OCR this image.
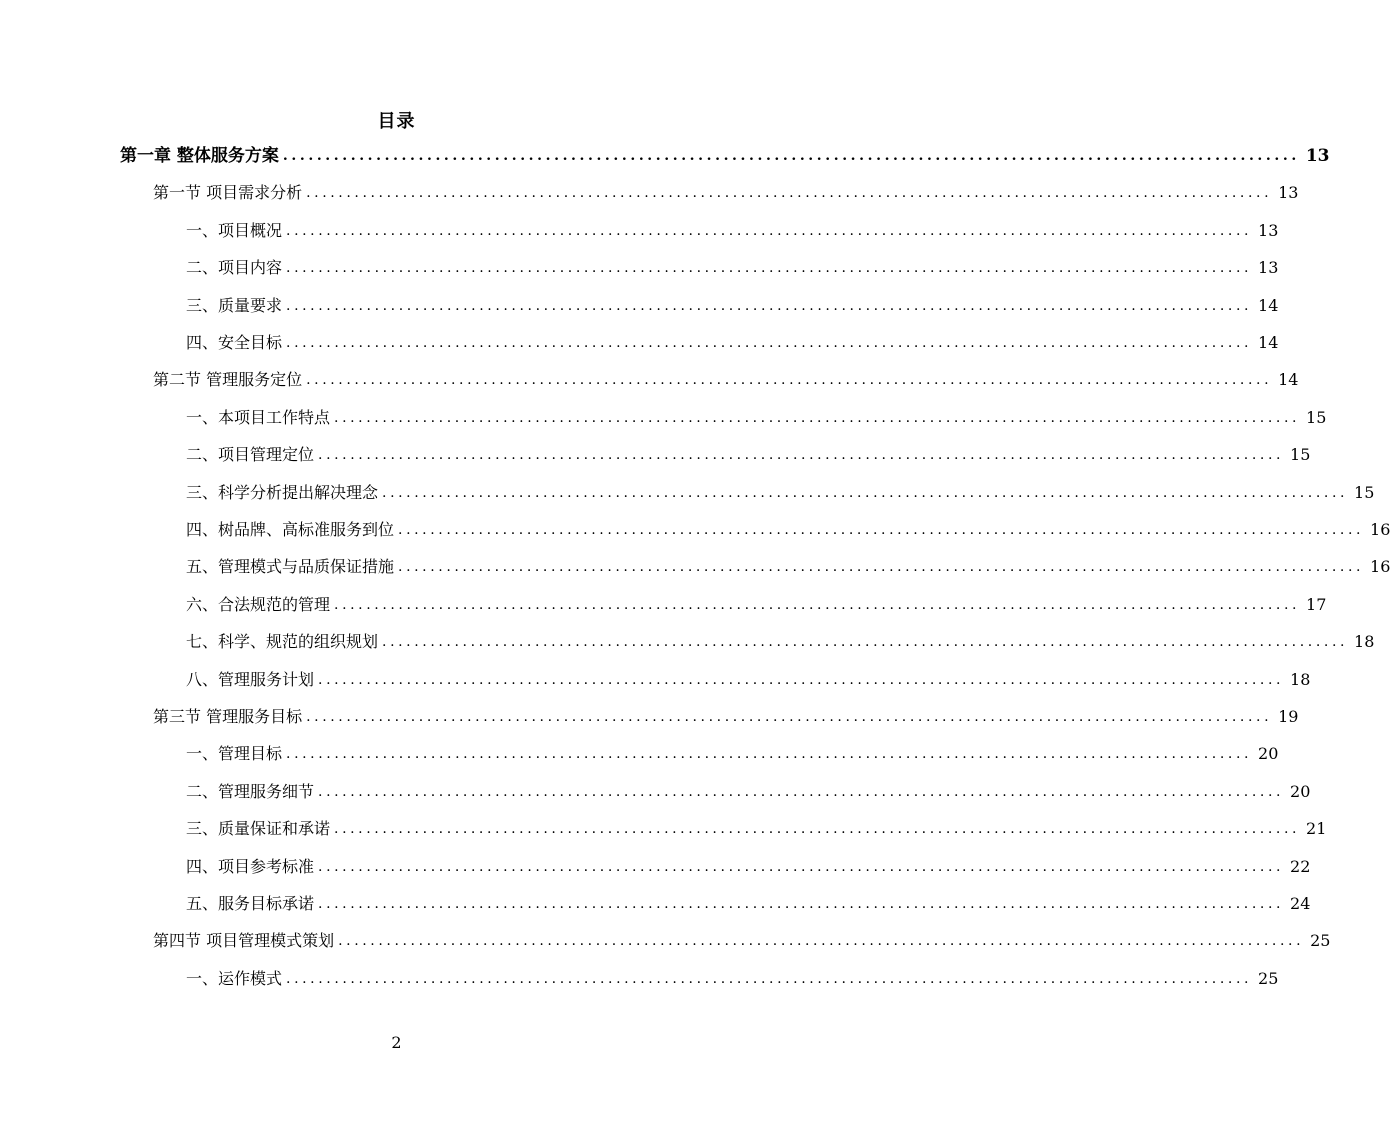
目录
第一章 整体服务方案 ........................................................................................................................ 13
第一节 项目需求分析 ........................................................................................................................ 13
一、项目概况 ........................................................................................................................ 13
二、项目内容 ........................................................................................................................ 13
三、质量要求 ........................................................................................................................ 14
四、安全目标 ........................................................................................................................ 14
第二节 管理服务定位 ........................................................................................................................ 14
一、本项目工作特点 ........................................................................................................................ 15
二、项目管理定位 ........................................................................................................................ 15
三、科学分析提出解决理念 ........................................................................................................................ 15
四、树品牌、高标准服务到位 ........................................................................................................................ 16
五、管理模式与品质保证措施 ........................................................................................................................ 16
六、合法规范的管理 ........................................................................................................................ 17
七、科学、规范的组织规划 ........................................................................................................................ 18
八、管理服务计划 ........................................................................................................................ 18
第三节 管理服务目标 ........................................................................................................................ 19
一、管理目标 ........................................................................................................................ 20
二、管理服务细节 ........................................................................................................................ 20
三、质量保证和承诺 ........................................................................................................................ 21
四、项目参考标准 ........................................................................................................................ 22
五、服务目标承诺 ........................................................................................................................ 24
第四节 项目管理模式策划 ........................................................................................................................ 25
一、运作模式 ........................................................................................................................ 25
2
